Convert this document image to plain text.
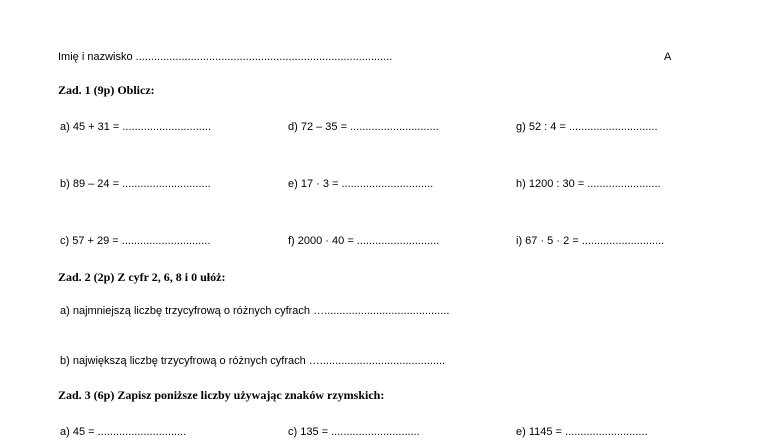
Imię i nazwisko ....................................................................................	A
Zad. 1 (9p) Oblicz:
a) 45 + 31 = .............................	d) 72 – 35 = .............................	g) 52 : 4 = .............................
b) 89 – 24 = .............................	e) 17 · 3 = ..............................	h) 1200 : 30 = ........................
c) 57 + 29 = .............................	f) 2000 · 40 = ...........................	i) 67 · 5 · 2 = ...........................
Zad. 2 (2p) Z cyfr 2, 6, 8 i 0 ułóż:
a) najmniejszą liczbę trzycyfrową o różnych cyfrach ….........................................
b) największą liczbę trzycyfrową o różnych cyfrach ….........................................
Zad. 3 (6p) Zapisz poniższe liczby używając znaków rzymskich:
a) 45 = .............................	c) 135 = .............................	e) 1145 = ...........................
